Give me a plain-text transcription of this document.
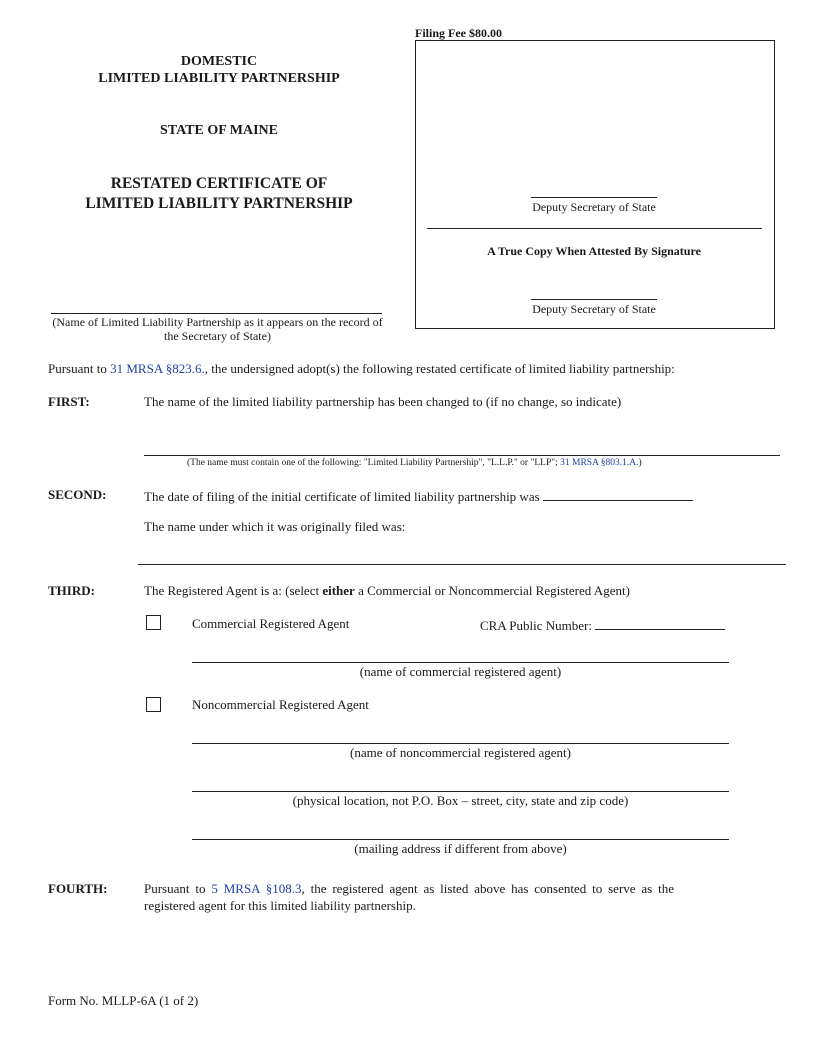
DOMESTIC
LIMITED LIABILITY PARTNERSHIP
STATE OF MAINE
RESTATED CERTIFICATE OF
LIMITED LIABILITY PARTNERSHIP
(Name of Limited Liability Partnership as it appears on the record of
the Secretary of State)
Filing Fee $80.00
Deputy Secretary of State
A True Copy When Attested By Signature
Deputy Secretary of State
Pursuant to 31 MRSA §823.6., the undersigned adopt(s) the following restated certificate of limited liability partnership:
FIRST:	The name of the limited liability partnership has been changed to (if no change, so indicate)
(The name must contain one of the following: "Limited Liability Partnership", "L.L.P." or "LLP"; 31 MRSA §803.1.A.)
SECOND:	The date of filing of the initial certificate of limited liability partnership was
The name under which it was originally filed was:
THIRD:	The Registered Agent is a: (select either a Commercial or Noncommercial Registered Agent)
Commercial Registered Agent	CRA Public Number:
(name of commercial registered agent)
Noncommercial Registered Agent
(name of noncommercial registered agent)
(physical location, not P.O. Box – street, city, state and zip code)
(mailing address if different from above)
FOURTH:	Pursuant to 5 MRSA §108.3, the registered agent as listed above has consented to serve as the
registered agent for this limited liability partnership.
Form No. MLLP-6A (1 of 2)
